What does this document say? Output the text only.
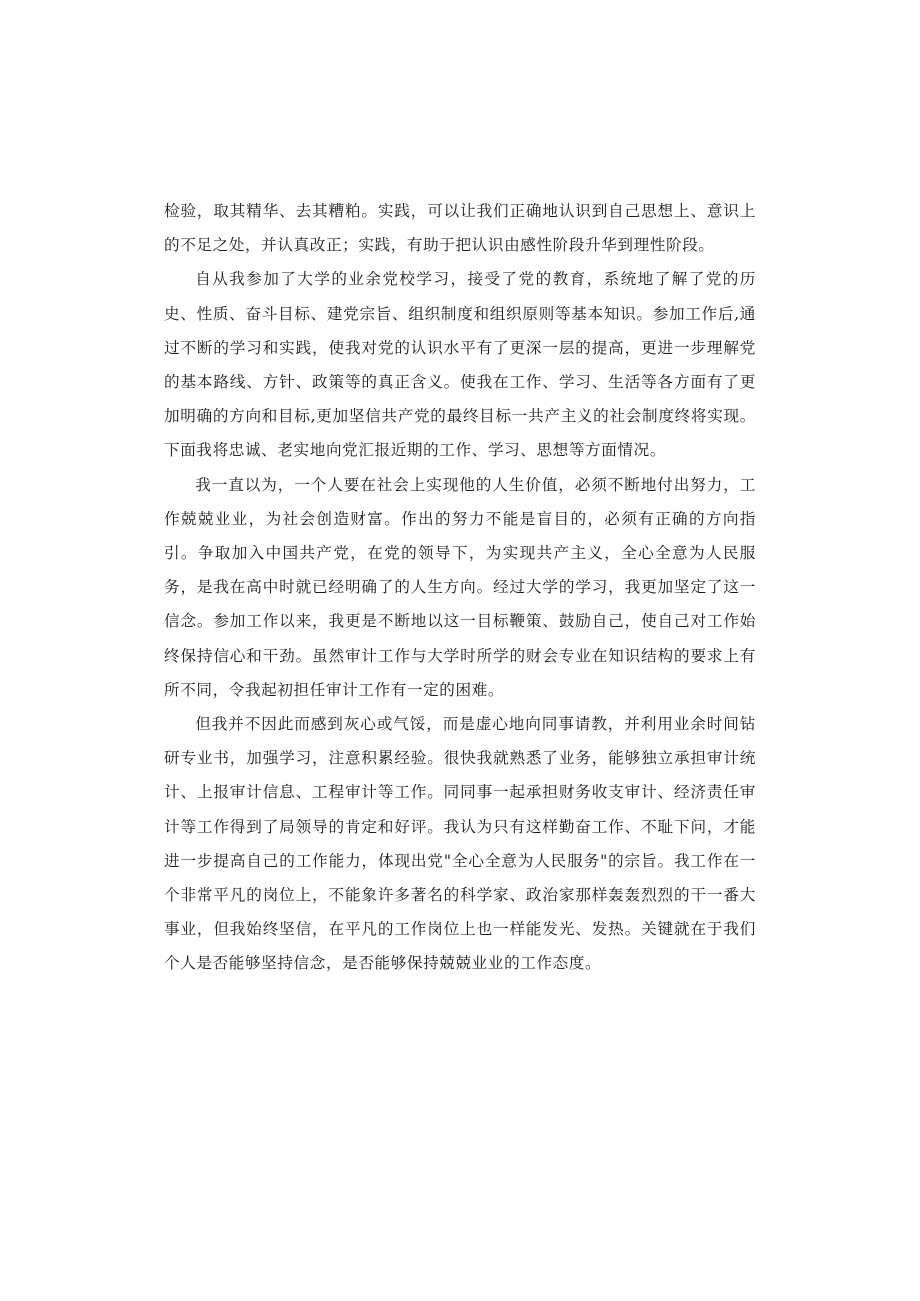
检验，取其精华、去其糟粕。实践，可以让我们正确地认识到自己思想上、意识上的不足之处，并认真改正；实践，有助于把认识由感性阶段升华到理性阶段。

自从我参加了大学的业余党校学习，接受了党的教育，系统地了解了党的历史、性质、奋斗目标、建党宗旨、组织制度和组织原则等基本知识。参加工作后,通过不断的学习和实践，使我对党的认识水平有了更深一层的提高，更进一步理解党的基本路线、方针、政策等的真正含义。使我在工作、学习、生活等各方面有了更加明确的方向和目标,更加坚信共产党的最终目标一共产主义的社会制度终将实现。下面我将忠诚、老实地向党汇报近期的工作、学习、思想等方面情况。

我一直以为，一个人要在社会上实现他的人生价值，必须不断地付出努力，工作兢兢业业，为社会创造财富。作出的努力不能是盲目的，必须有正确的方向指引。争取加入中国共产党，在党的领导下，为实现共产主义，全心全意为人民服务，是我在高中时就已经明确了的人生方向。经过大学的学习，我更加坚定了这一信念。参加工作以来，我更是不断地以这一目标鞭策、鼓励自己，使自己对工作始终保持信心和干劲。虽然审计工作与大学时所学的财会专业在知识结构的要求上有所不同，令我起初担任审计工作有一定的困难。

但我并不因此而感到灰心或气馁，而是虚心地向同事请教，并利用业余时间钻研专业书，加强学习，注意积累经验。很快我就熟悉了业务，能够独立承担审计统计、上报审计信息、工程审计等工作。同同事一起承担财务收支审计、经济责任审计等工作得到了局领导的肯定和好评。我认为只有这样勤奋工作、不耻下问，才能进一步提高自己的工作能力，体现出党"全心全意为人民服务"的宗旨。我工作在一个非常平凡的岗位上，不能象许多著名的科学家、政治家那样轰轰烈烈的干一番大事业，但我始终坚信，在平凡的工作岗位上也一样能发光、发热。关键就在于我们个人是否能够坚持信念，是否能够保持兢兢业业的工作态度。
